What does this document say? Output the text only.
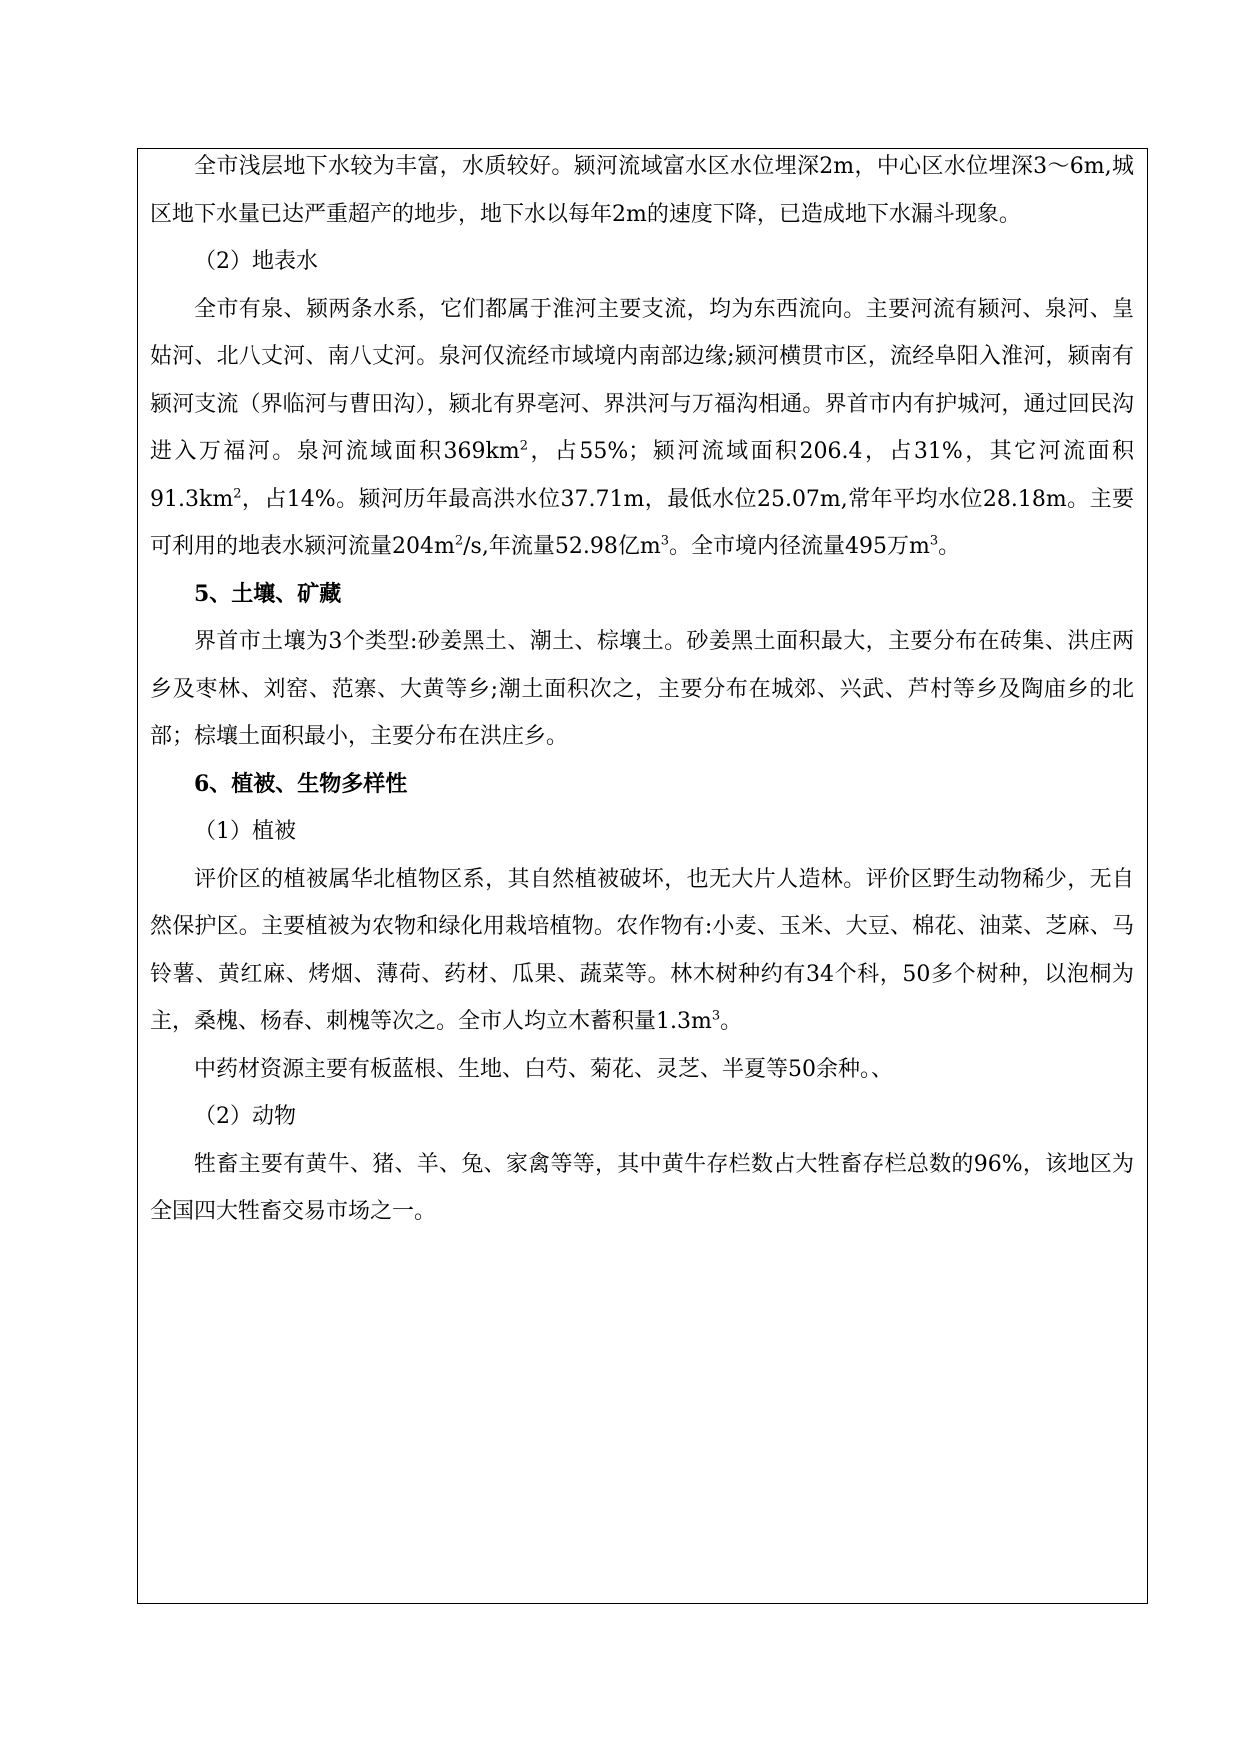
全市浅层地下水较为丰富，水质较好。颍河流域富水区水位埋深2m，中心区水位埋深3～6m,城区地下水量已达严重超产的地步，地下水以每年2m的速度下降，已造成地下水漏斗现象。

（2）地表水

全市有泉、颍两条水系，它们都属于淮河主要支流，均为东西流向。主要河流有颍河、泉河、皇姑河、北八丈河、南八丈河。泉河仅流经市域境内南部边缘;颍河横贯市区，流经阜阳入淮河，颍南有颍河支流（界临河与曹田沟），颍北有界亳河、界洪河与万福沟相通。界首市内有护城河，通过回民沟进入万福河。泉河流域面积$369km^2$，占55%；颍河流域面积206.4，占31%，其它河流面积$91.3km^2$，占14%。颍河历年最高洪水位37.71m，最低水位25.07m,常年平均水位28.18m。主要可利用的地表水颍河流量$204m^2/s$,年流量52.98亿$m^3$。全市境内径流量495万$m^3$。

5、土壤、矿藏

界首市土壤为3个类型:砂姜黑土、潮土、棕壤土。砂姜黑土面积最大，主要分布在砖集、洪庄两乡及枣林、刘窑、范寨、大黄等乡;潮土面积次之，主要分布在城郊、兴武、芦村等乡及陶庙乡的北部；棕壤土面积最小，主要分布在洪庄乡。

6、植被、生物多样性

（1）植被

评价区的植被属华北植物区系，其自然植被破坏，也无大片人造林。评价区野生动物稀少，无自然保护区。主要植被为农物和绿化用栽培植物。农作物有:小麦、玉米、大豆、棉花、油菜、芝麻、马铃薯、黄红麻、烤烟、薄荷、药材、瓜果、蔬菜等。林木树种约有34个科，50多个树种，以泡桐为主，桑槐、杨春、刺槐等次之。全市人均立木蓄积量$1.3m^3$。

中药材资源主要有板蓝根、生地、白芍、菊花、灵芝、半夏等50余种。、

（2）动物

牲畜主要有黄牛、猪、羊、兔、家禽等等，其中黄牛存栏数占大牲畜存栏总数的96%，该地区为全国四大牲畜交易市场之一。
